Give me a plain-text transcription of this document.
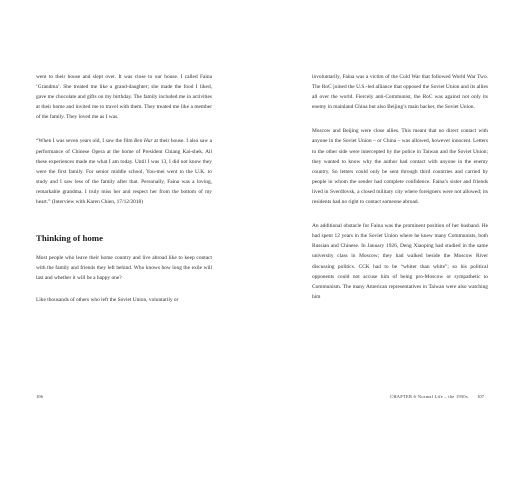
went to their house and slept over. It was close to our house. I called Faina ‘Grandma’. She treated me like a grand-daughter; she made the food I liked, gave me chocolate and gifts on my birthday. The family included me in activities at their home and invited me to travel with them. They treated me like a member of the family. They loved me as I was.

“When I was seven years old, I saw the film Ben Hur at their house. I also saw a performance of Chinese Opera at the home of President Chiang Kai-shek. All these experiences made me what I am today. Until I was 13, I did not know they were the first family. For senior middle school, You-mei went to the U.K. to study and I saw less of the family after that. Personally, Faina was a loving, remarkable grandma. I truly miss her and respect her from the bottom of my heart.” (Interview with Karen Chien, 17/12/2018)

Thinking of home

Most people who leave their home country and live abroad like to keep contact with the family and friends they left behind. Who knows how long the exile will last and whether it will be a happy one?

Like thousands of others who left the Soviet Union, voluntarily or

106

involuntarily, Faina was a victim of the Cold War that followed World War Two. The RoC joined the U.S.-led alliance that opposed the Soviet Union and its allies all over the world. Fiercely anti-Communist, the RoC was against not only its enemy in mainland China but also Beijing’s main backer, the Soviet Union.

Moscow and Beijing were close allies. This meant that no direct contact with anyone in the Soviet Union – or China – was allowed, however innocent. Letters to the other side were intercepted by the police in Taiwan and the Soviet Union; they wanted to know why the author had contact with anyone in the enemy country. So letters could only be sent through third countries and carried by people in whom the sender had complete confidence. Faina’s sister and friends lived in Sverdlovsk, a closed military city where foreigners were not allowed; its residents had no right to contact someone abroad.

An additional obstacle for Faina was the prominent position of her husband. He had spent 12 years in the Soviet Union where he knew many Communists, both Russian and Chinese. In January 1926, Deng Xiaoping had studied in the same university class in Moscow; they had walked beside the Moscow River discussing politics. CCK had to be “whiter than white”; so his political opponents could not accuse him of being pro-Moscow or sympathetic to Communism. The many American representatives in Taiwan were also watching him

CHAPTER 6·Normal Life – the 1950s 107
